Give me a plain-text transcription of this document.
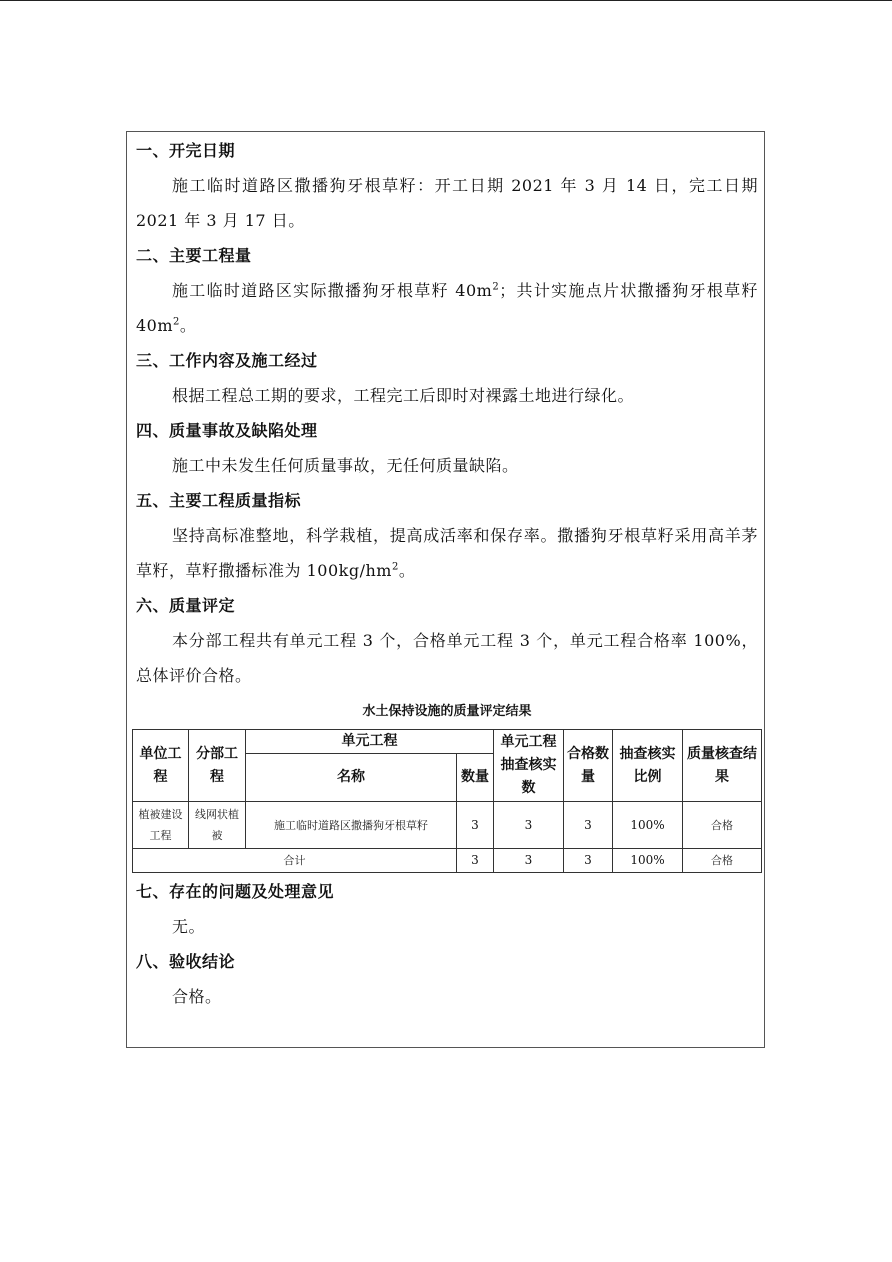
一、开完日期
施工临时道路区撒播狗牙根草籽：开工日期 2021 年 3 月 14 日，完工日期 2021 年 3 月 17 日。
二、主要工程量
施工临时道路区实际撒播狗牙根草籽 $40m^2$；共计实施点片状撒播狗牙根草籽 $40m^2$。
三、工作内容及施工经过
根据工程总工期的要求，工程完工后即时对裸露土地进行绿化。
四、质量事故及缺陷处理
施工中未发生任何质量事故，无任何质量缺陷。
五、主要工程质量指标
坚持高标准整地，科学栽植，提高成活率和保存率。撒播狗牙根草籽采用高羊茅草籽，草籽撒播标准为 $100kg/hm^2$。
六、质量评定
本分部工程共有单元工程 3 个，合格单元工程 3 个，单元工程合格率 100%，总体评价合格。
水土保持设施的质量评定结果
单位工程	分部工程	单元工程		单元工程抽查核实数	合格数量	抽查核实比例	质量核查结果
		名称	数量				
植被建设工程	线网状植被	施工临时道路区撒播狗牙根草籽	3	3	3	100%	合格
合计			3	3	3	100%	合格
七、存在的问题及处理意见
无。
八、验收结论
合格。
